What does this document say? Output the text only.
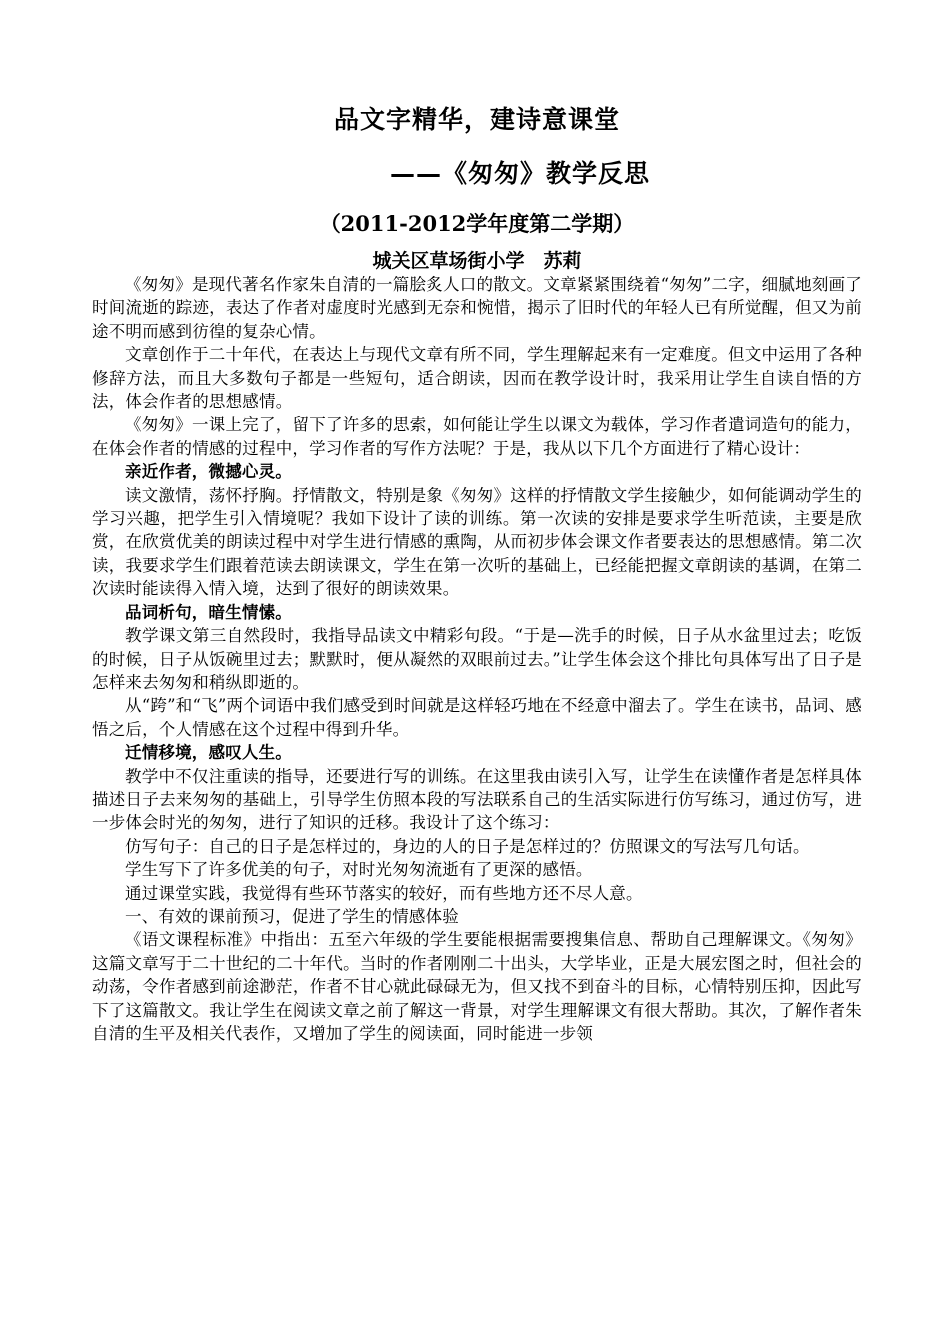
品文字精华，建诗意课堂
——《匆匆》教学反思
（2011-2012学年度第二学期）
城关区草场街小学　苏莉

《匆匆》是现代著名作家朱自清的一篇脍炙人口的散文。文章紧紧围绕着“匆匆”二字，细腻地刻画了时间流逝的踪迹，表达了作者对虚度时光感到无奈和惋惜，揭示了旧时代的年轻人已有所觉醒，但又为前途不明而感到彷徨的复杂心情。

文章创作于二十年代，在表达上与现代文章有所不同，学生理解起来有一定难度。但文中运用了各种修辞方法，而且大多数句子都是一些短句，适合朗读，因而在教学设计时，我采用让学生自读自悟的方法，体会作者的思想感情。

《匆匆》一课上完了，留下了许多的思索，如何能让学生以课文为载体，学习作者遣词造句的能力，在体会作者的情感的过程中，学习作者的写作方法呢？于是，我从以下几个方面进行了精心设计：

亲近作者，微撼心灵。

读文激情，荡怀抒胸。抒情散文，特别是象《匆匆》这样的抒情散文学生接触少，如何能调动学生的学习兴趣，把学生引入情境呢？我如下设计了读的训练。第一次读的安排是要求学生听范读，主要是欣赏，在欣赏优美的朗读过程中对学生进行情感的熏陶，从而初步体会课文作者要表达的思想感情。第二次读，我要求学生们跟着范读去朗读课文，学生在第一次听的基础上，已经能把握文章朗读的基调，在第二次读时能读得入情入境，达到了很好的朗读效果。

品词析句，暗生情愫。

教学课文第三自然段时，我指导品读文中精彩句段。“于是—洗手的时候，日子从水盆里过去；吃饭的时候，日子从饭碗里过去；默默时，便从凝然的双眼前过去。”让学生体会这个排比句具体写出了日子是怎样来去匆匆和稍纵即逝的。

从“跨”和“飞”两个词语中我们感受到时间就是这样轻巧地在不经意中溜去了。学生在读书，品词、感悟之后，个人情感在这个过程中得到升华。

迁情移境，感叹人生。

教学中不仅注重读的指导，还要进行写的训练。在这里我由读引入写，让学生在读懂作者是怎样具体描述日子去来匆匆的基础上，引导学生仿照本段的写法联系自己的生活实际进行仿写练习，通过仿写，进一步体会时光的匆匆，进行了知识的迁移。我设计了这个练习：

仿写句子：自己的日子是怎样过的，身边的人的日子是怎样过的？仿照课文的写法写几句话。

学生写下了许多优美的句子，对时光匆匆流逝有了更深的感悟。

通过课堂实践，我觉得有些环节落实的较好，而有些地方还不尽人意。

一、有效的课前预习，促进了学生的情感体验

《语文课程标准》中指出：五至六年级的学生要能根据需要搜集信息、帮助自己理解课文。《匆匆》这篇文章写于二十世纪的二十年代。当时的作者刚刚二十出头，大学毕业，正是大展宏图之时，但社会的动荡，令作者感到前途渺茫，作者不甘心就此碌碌无为，但又找不到奋斗的目标，心情特别压抑，因此写下了这篇散文。我让学生在阅读文章之前了解这一背景，对学生理解课文有很大帮助。其次，了解作者朱自清的生平及相关代表作，又增加了学生的阅读面，同时能进一步领
